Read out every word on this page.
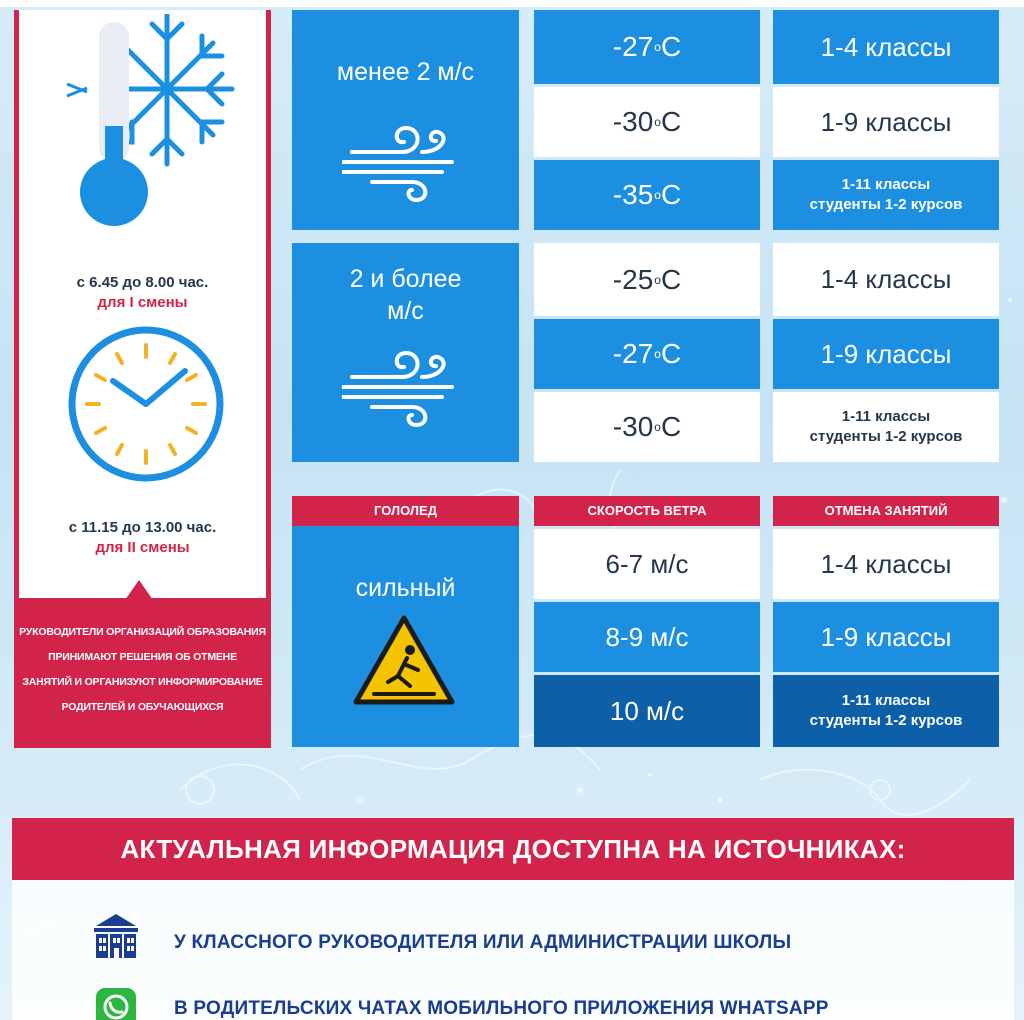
с 6.45 до 8.00 час.
для I смены
с 11.15 до 13.00 час.
для II смены
РУКОВОДИТЕЛИ ОРГАНИЗАЦИЙ ОБРАЗОВАНИЯ
ПРИНИМАЮТ РЕШЕНИЯ ОБ ОТМЕНЕ
ЗАНЯТИЙ И ОРГАНИЗУЮТ ИНФОРМИРОВАНИЕ
РОДИТЕЛЕЙ И ОБУЧАЮЩИХСЯ
менее 2 м/с
-27 o C
-30 o C
-35 o C
1-4 классы
1-9 классы
1-11 классы
студенты 1-2 курсов
2 и более
м/с
-25 o C
-27 o C
-30 o C
1-4 классы
1-9 классы
1-11 классы
студенты 1-2 курсов
ГОЛОЛЕД	СКОРОСТЬ ВЕТРА	ОТМЕНА ЗАНЯТИЙ
сильный
6-7 м/с
8-9 м/с
10 м/с
1-4 классы
1-9 классы
1-11 классы
студенты 1-2 курсов
АКТУАЛЬНАЯ ИНФОРМАЦИЯ ДОСТУПНА НА ИСТОЧНИКАХ:
У КЛАССНОГО РУКОВОДИТЕЛЯ ИЛИ АДМИНИСТРАЦИИ ШКОЛЫ
В РОДИТЕЛЬСКИХ ЧАТАХ МОБИЛЬНОГО ПРИЛОЖЕНИЯ WHATSAPP
